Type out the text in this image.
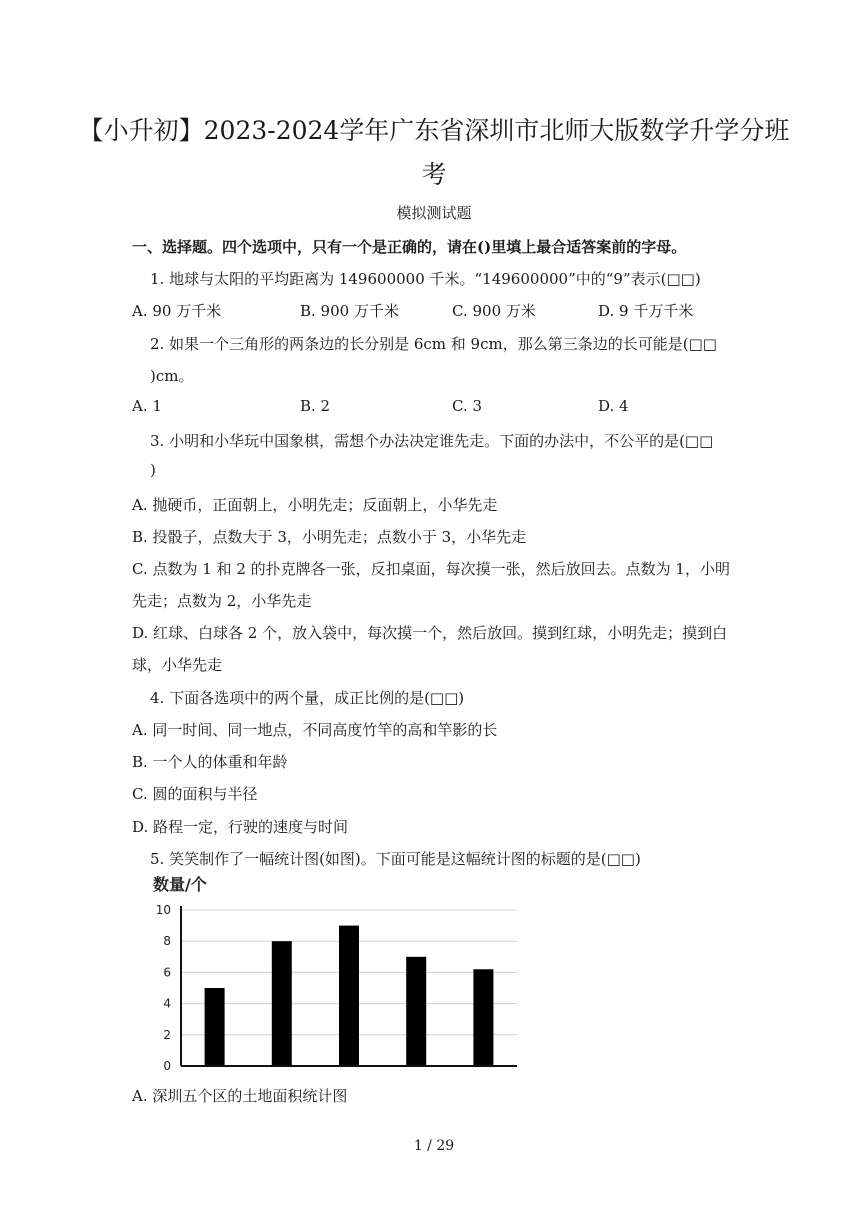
【小升初】2023-2024学年广东省深圳市北师大版数学升学分班
考
模拟测试题
一、选择题。四个选项中，只有一个是正确的，请在()里填上最合适答案前的字母。
1. 地球与太阳的平均距离为 149600000 千米。“149600000”中的“9”表示(□□)
A. 90 万千米	B. 900 万千米	C. 900 万米	D. 9 千万千米
2. 如果一个三角形的两条边的长分别是 6cm 和 9cm，那么第三条边的长可能是(□□
)cm。
A. 1	B. 2	C. 3	D. 4
3. 小明和小华玩中国象棋，需想个办法决定谁先走。下面的办法中，不公平的是(□□
)
A. 抛硬币，正面朝上，小明先走；反面朝上，小华先走
B. 投骰子，点数大于 3，小明先走；点数小于 3，小华先走
C. 点数为 1 和 2 的扑克牌各一张，反扣桌面，每次摸一张，然后放回去。点数为 1，小明
先走；点数为 2，小华先走
D. 红球、白球各 2 个，放入袋中，每次摸一个，然后放回。摸到红球，小明先走；摸到白
球，小华先走
4. 下面各选项中的两个量，成正比例的是(□□)
A. 同一时间、同一地点，不同高度竹竿的高和竿影的长
B. 一个人的体重和年龄
C. 圆的面积与半径
D. 路程一定，行驶的速度与时间
5. 笑笑制作了一幅统计图(如图)。下面可能是这幅统计图的标题的是(□□)
数量/个
0
2
4
6
8
10
A. 深圳五个区的土地面积统计图
1 / 29
